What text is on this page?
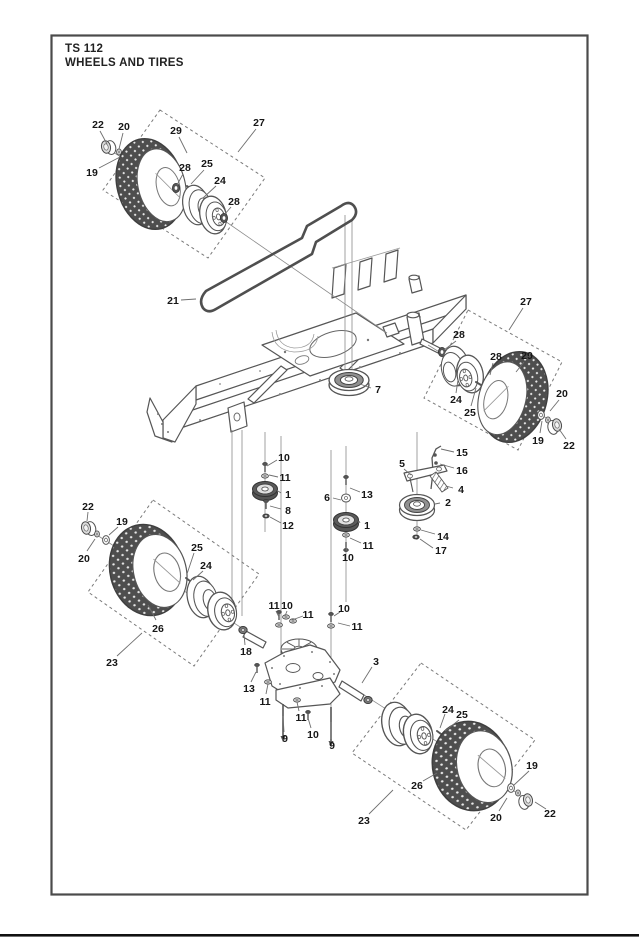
TS 112
WHEELS AND TIRES
22 20
19
29
27
28 25
24
28
21
7
27
28
29
28
24
25
20
19 22
10
11
1
8
12
6	13
1
11
10
15
16
5
4
2
14
17
22
19
20
25
24
26
23
18
11 10
11 10
11
13
11
3
11
10
9
9
24 25
26
19
20	22
23
